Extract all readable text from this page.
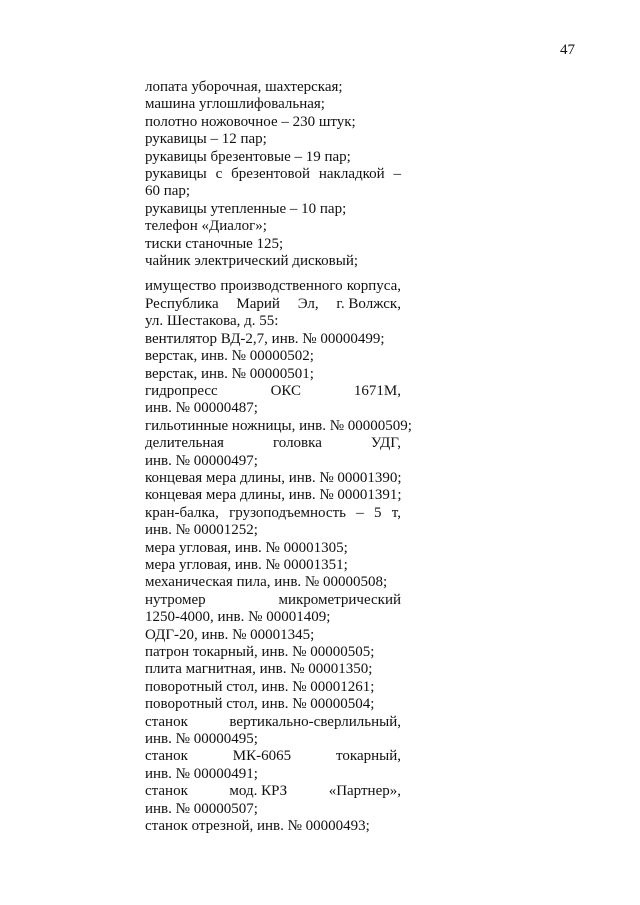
47
лопата уборочная, шахтерская;
машина углошлифовальная;
полотно ножовочное – 230 штук;
рукавицы – 12 пар;
рукавицы брезентовые – 19 пар;
рукавицы с брезентовой накладкой –
60 пар;
рукавицы утепленные – 10 пар;
телефон «Диалог»;
тиски станочные 125;
чайник электрический дисковый;
имущество производственного корпуса,
Республика Марий Эл, г. Волжск,
ул. Шестакова, д. 55:
вентилятор ВД-2,7, инв. № 00000499;
верстак, инв. № 00000502;
верстак, инв. № 00000501;
гидропресс	ОКС	1671М,
инв. № 00000487;
гильотинные ножницы, инв. № 00000509;
делительная	головка	УДГ,
инв. № 00000497;
концевая мера длины, инв. № 00001390;
концевая мера длины, инв. № 00001391;
кран-балка, грузоподъемность – 5 т,
инв. № 00001252;
мера угловая, инв. № 00001305;
мера угловая, инв. № 00001351;
механическая пила, инв. № 00000508;
нутромер	микрометрический
1250-4000, инв. № 00001409;
ОДГ-20, инв. № 00001345;
патрон токарный, инв. № 00000505;
плита магнитная, инв. № 00001350;
поворотный стол, инв. № 00001261;
поворотный стол, инв. № 00000504;
станок	вертикально-сверлильный,
инв. № 00000495;
станок	МК-6065	токарный,
инв. № 00000491;
станок	мод. КРЗ	«Партнер»,
инв. № 00000507;
станок отрезной, инв. № 00000493;
